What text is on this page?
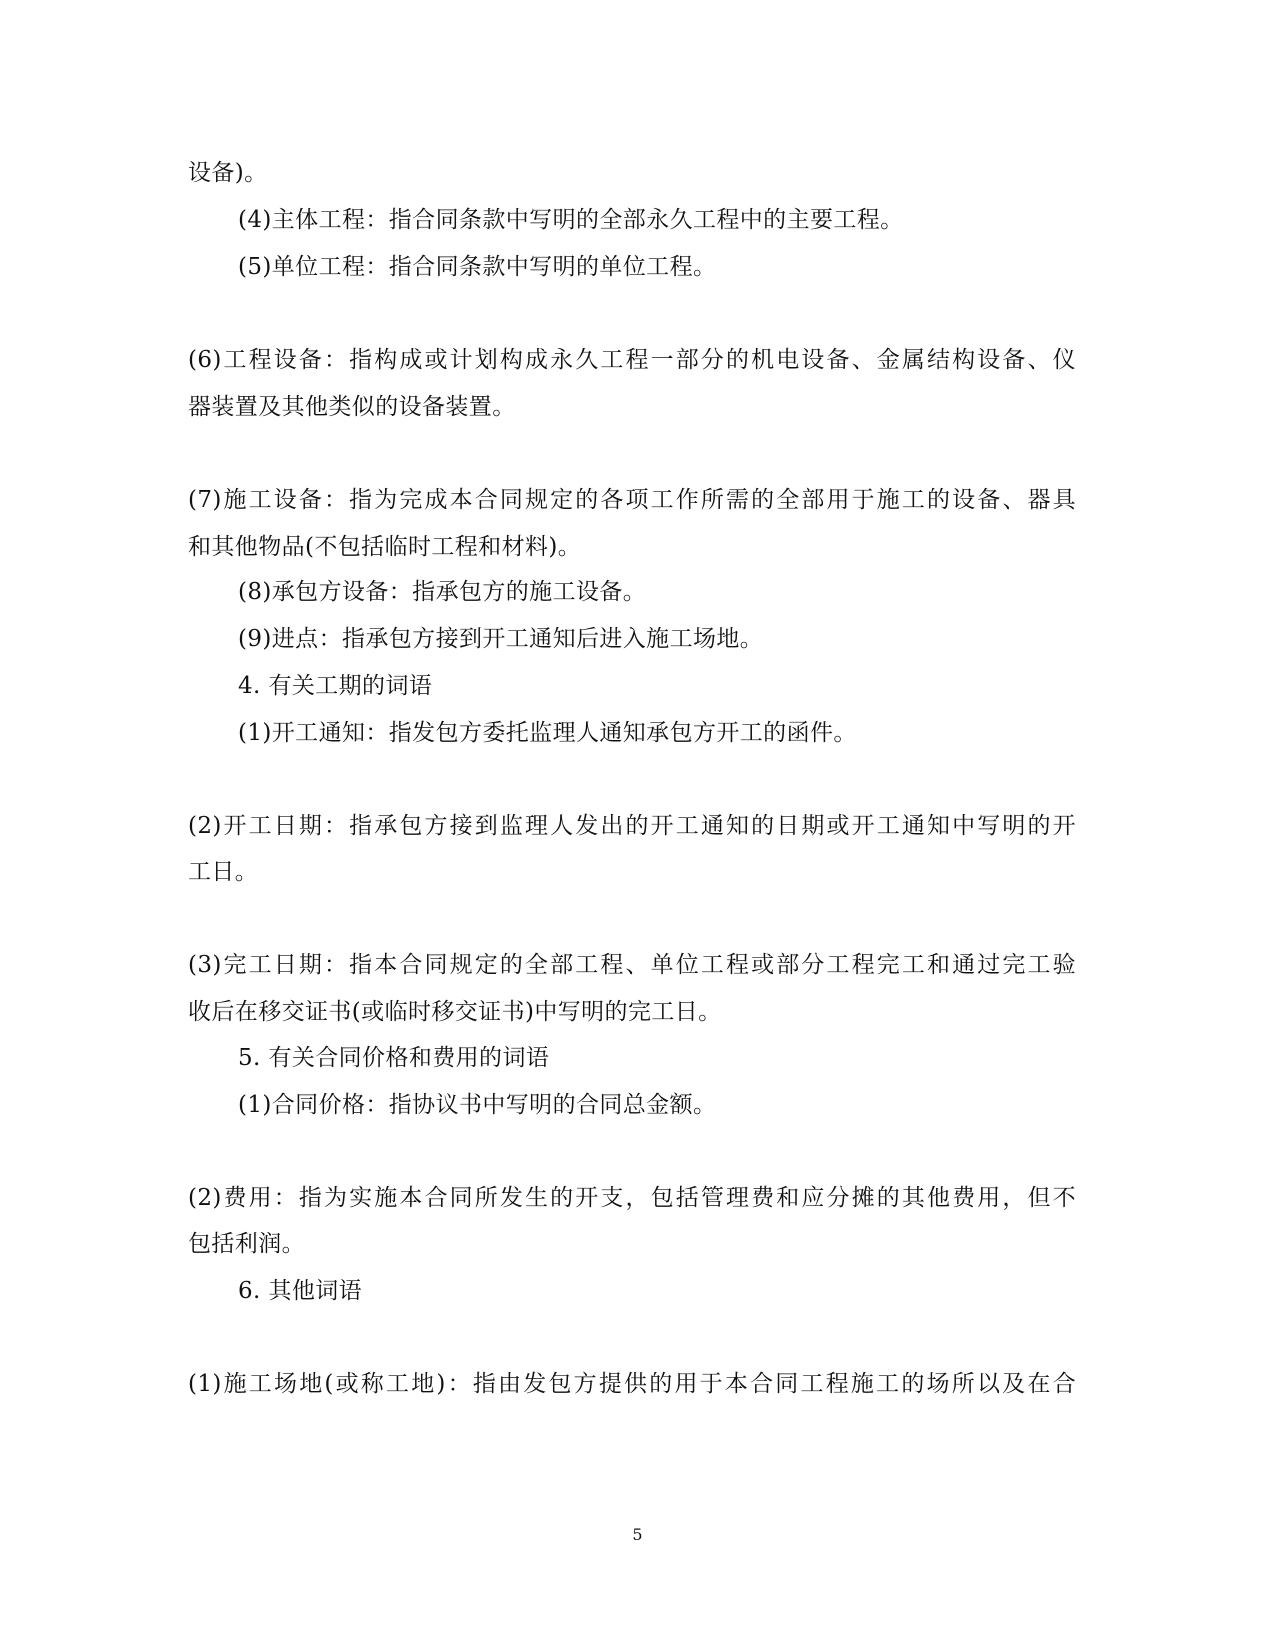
设备)。
(4)主体工程：指合同条款中写明的全部永久工程中的主要工程。
(5)单位工程：指合同条款中写明的单位工程。
(6)工程设备：指构成或计划构成永久工程一部分的机电设备、金属结构设备、仪
器装置及其他类似的设备装置。
(7)施工设备：指为完成本合同规定的各项工作所需的全部用于施工的设备、器具
和其他物品(不包括临时工程和材料)。
(8)承包方设备：指承包方的施工设备。
(9)进点：指承包方接到开工通知后进入施工场地。
4. 有关工期的词语
(1)开工通知：指发包方委托监理人通知承包方开工的函件。
(2)开工日期：指承包方接到监理人发出的开工通知的日期或开工通知中写明的开
工日。
(3)完工日期：指本合同规定的全部工程、单位工程或部分工程完工和通过完工验
收后在移交证书(或临时移交证书)中写明的完工日。
5. 有关合同价格和费用的词语
(1)合同价格：指协议书中写明的合同总金额。
(2)费用：指为实施本合同所发生的开支，包括管理费和应分摊的其他费用，但不
包括利润。
6. 其他词语
(1)施工场地(或称工地)：指由发包方提供的用于本合同工程施工的场所以及在合
5
